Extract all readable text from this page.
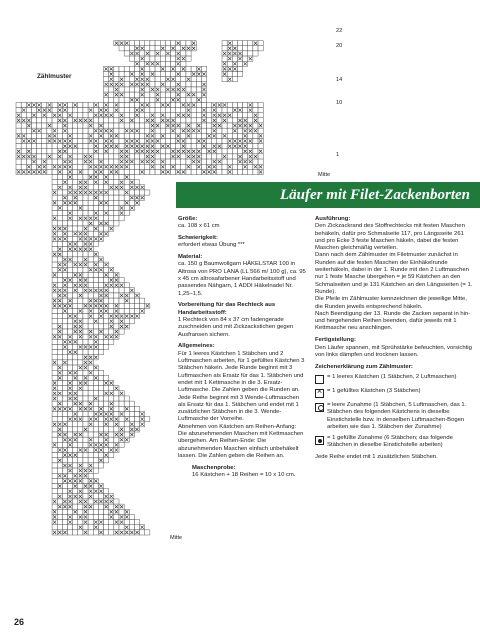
Zählmuster
22
20
14
10
1
Mitte
Mitte
Läufer mit Filet-Zackenborten
Größe:

ca. 108 x 61 cm

Schwierigkeit:

erfordert etwas Übung ***

Material:

ca. 150 g Baumwollgarn HÄKELSTAR 100 in Altrosa von PRO LANA (LL 566 m/ 100 g), ca. 95 x 45 cm altrosafarbener Handarbeitsstoff und passendes Nähgarn, 1 ADDI Häkelnadel Nr. 1,25–1,5.

Vorbereitung für das Rechteck aus Handarbeitsstoff:

1 Rechteck von 84 x 37 cm fadengerade zuschneiden und mit Zickzackstichen gegen Ausfransen sichern.

Allgemeines:

Für 1 leeres Kästchen 1 Stäbchen und 2 Luftmaschen arbeiten, für 1 gefülltes Kästchen 3 Stäbchen häkeln. Jede Runde beginnt mit 3 Luftmaschen als Ersatz für das 1. Stäbchen und endet mit 1 Kettmasche in die 3. Ersatz-Luftmasche. Die Zahlen geben die Runden an. Jede Reihe beginnt mit 3 Wende-Luftmaschen als Ersatz für das 1. Stäbchen und endet mit 1 zusätzlichen Stäbchen in die 3. Wende-Luftmasche der Vorreihe.

Abnehmen von Kästchen am Reihen-Anfang: Die abzunehmenden Maschen mit Kettmaschen übergehen. Am Reihen-Ende: Die abzunehmenden Maschen einfach unbehäkelt lassen. Die Zahlen geben die Reihen an.

Maschenprobe:

16 Kästchen + 18 Reihen = 10 x 10 cm.

Ausführung:

Den Zickzackrand des Stoffrechtecks mit festen Maschen behäkeln, dafür pro Schmalseite 117, pro Längsseite 261 und pro Ecke 3 feste Maschen häkeln, dabei die festen Maschen gleichmäßig verteilen.

Dann nach dem Zählmuster im Filetmuster zunächst in Runden auf die festen Maschen der Einhäkelrunde weiterhäkeln, dabei in der 1. Runde mit den 2 Luftmaschen nur 1 feste Masche übergehen = je 59 Kästchen an den Schmalseiten und je 131 Kästchen an den Längsseiten (= 1. Runde).

Die Pfeile im Zählmuster kennzeichnen die jeweilige Mitte, die Runden jeweils entsprechend häkeln.

Nach Beendigung der 13. Runde die Zacken separat in hin- und hergehenden Reihen beenden, dafür jeweils mit 1 Kettmasche neu anschlingen.

Fertigstellung:

Den Läufer spannen, mit Sprühstärke befeuchten, vorsichtig von links dämpfen und trocknen lassen.

Zeichenerklärung zum Zählmuster:
= 1 leeres Kästchen (1 Stäbchen, 2 Luftmaschen)
×
= 1 gefülltes Kästchen (3 Stäbchen)
= leere Zunahme (1 Stäbchen, 5 Luftmaschen, das 1. Stäbchen des folgenden Kästchens in dieselbe Einstichstelle bzw. in denselben Luftmaschen-Bogen arbeiten wie das 1. Stäbchen der Zunahme)
= 1 gefüllte Zunahme (6 Stäbchen; das folgende Stäbchen in dieselbe Einstichstelle arbeiten)

Jede Reihe endet mit 1 zusätzlichen Stäbchen.

26
